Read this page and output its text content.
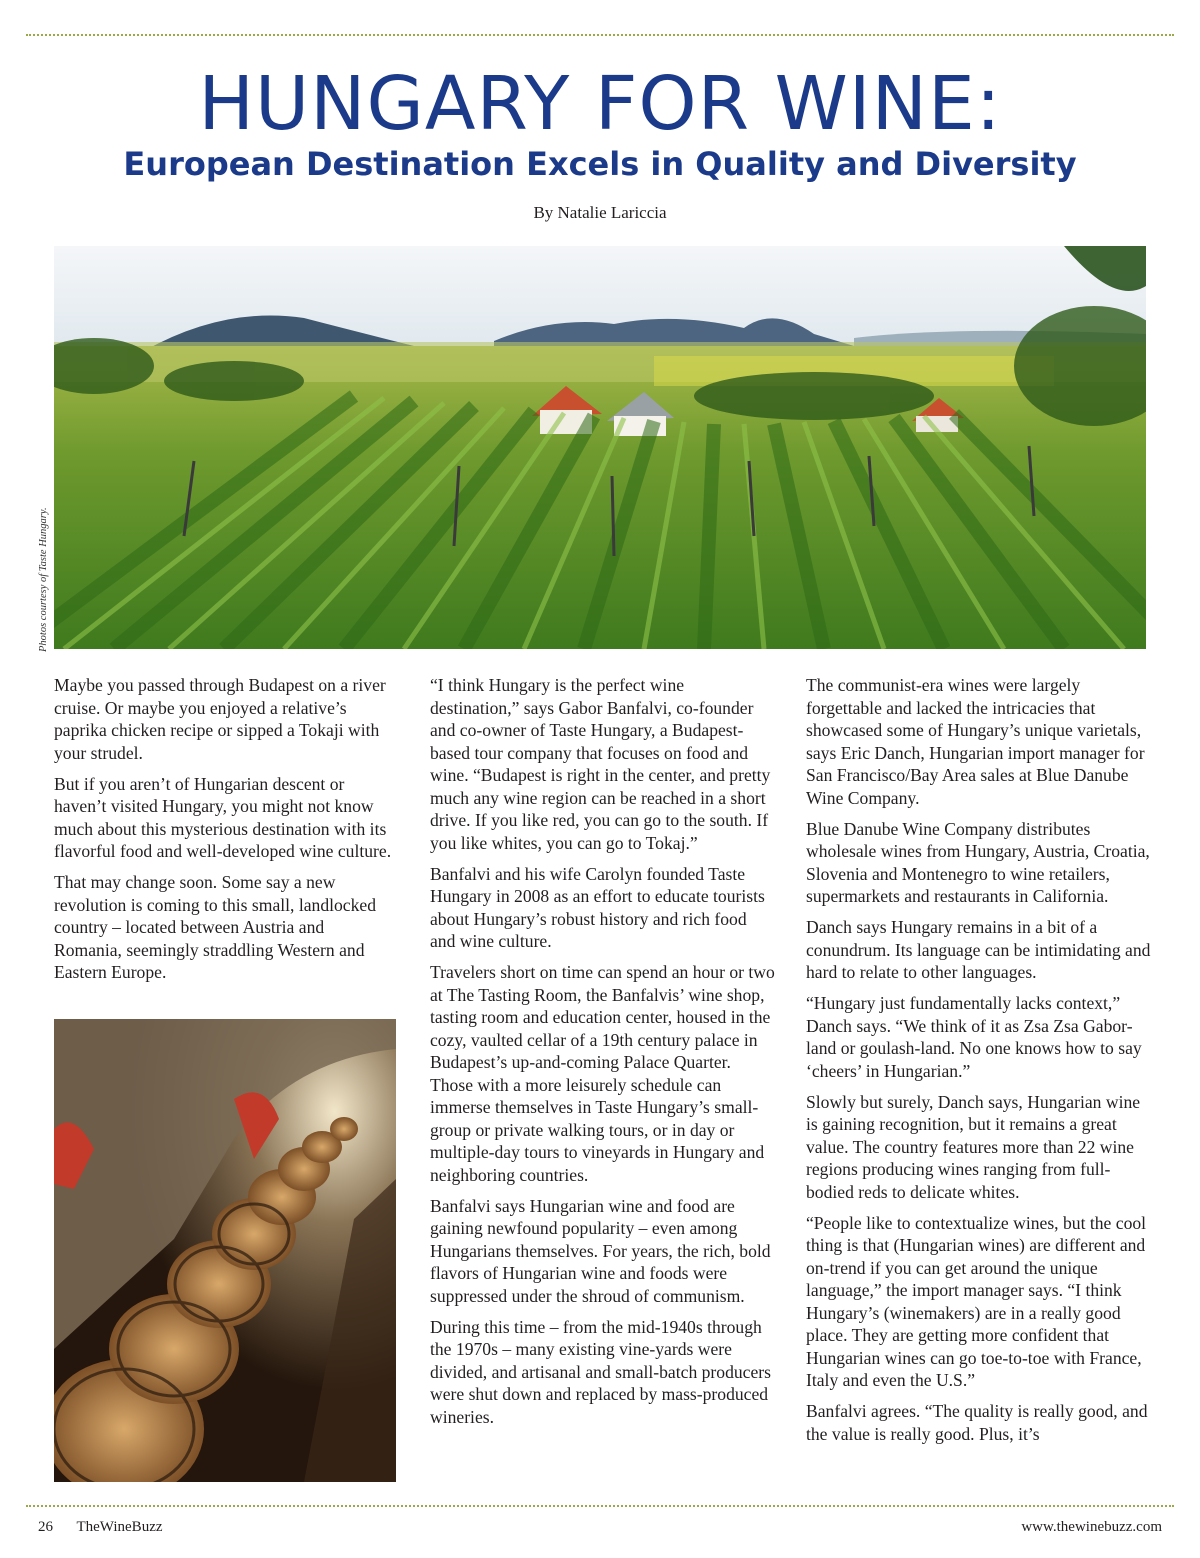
HUNGARY FOR WINE:
European Destination Excels in Quality and Diversity
By Natalie Lariccia
Photos courtesy of Taste Hungary.

Maybe you passed through Budapest on a river cruise. Or maybe you enjoyed a relative’s paprika chicken recipe or sipped a Tokaji with your strudel.

But if you aren’t of Hungarian descent or haven’t visited Hungary, you might not know much about this mysterious destination with its flavorful food and well-developed wine culture.

That may change soon. Some say a new revolution is coming to this small, landlocked country – located between Austria and Romania, seemingly straddling Western and Eastern Europe.

“I think Hungary is the perfect wine destination,” says Gabor Banfalvi, co-founder and co-owner of Taste Hungary, a Budapest-based tour company that focuses on food and wine. “Budapest is right in the center, and pretty much any wine region can be reached in a short drive. If you like red, you can go to the south. If you like whites, you can go to Tokaj.”

Banfalvi and his wife Carolyn founded Taste Hungary in 2008 as an effort to educate tourists about Hungary’s robust history and rich food and wine culture.

Travelers short on time can spend an hour or two at The Tasting Room, the Banfalvis’ wine shop, tasting room and education center, housed in the cozy, vaulted cellar of a 19th century palace in Budapest’s up-and-coming Palace Quarter. Those with a more leisurely schedule can immerse themselves in Taste Hungary’s small-group or private walking tours, or in day or multiple-day tours to vineyards in Hungary and neighboring countries.

Banfalvi says Hungarian wine and food are gaining newfound popularity – even among Hungarians themselves. For years, the rich, bold flavors of Hungarian wine and foods were suppressed under the shroud of communism.

During this time – from the mid-1940s through the 1970s – many existing vine-yards were divided, and artisanal and small-batch producers were shut down and replaced by mass-produced wineries.

The communist-era wines were largely forgettable and lacked the intricacies that showcased some of Hungary’s unique varietals, says Eric Danch, Hungarian import manager for San Francisco/Bay Area sales at Blue Danube Wine Company.

Blue Danube Wine Company distributes wholesale wines from Hungary, Austria, Croatia, Slovenia and Montenegro to wine retailers, supermarkets and restaurants in California.

Danch says Hungary remains in a bit of a conundrum. Its language can be intimidating and hard to relate to other languages.

“Hungary just fundamentally lacks context,” Danch says. “We think of it as Zsa Zsa Gabor-land or goulash-land. No one knows how to say ‘cheers’ in Hungarian.”

Slowly but surely, Danch says, Hungarian wine is gaining recognition, but it remains a great value. The country features more than 22 wine regions producing wines ranging from full-bodied reds to delicate whites.

“People like to contextualize wines, but the cool thing is that (Hungarian wines) are different and on-trend if you can get around the unique language,” the import manager says. “I think Hungary’s (winemakers) are in a really good place. They are getting more confident that Hungarian wines can go toe-to-toe with France, Italy and even the U.S.”

Banfalvi agrees. “The quality is really good, and the value is really good. Plus, it’s

26 TheWineBuzz	www.thewinebuzz.com
